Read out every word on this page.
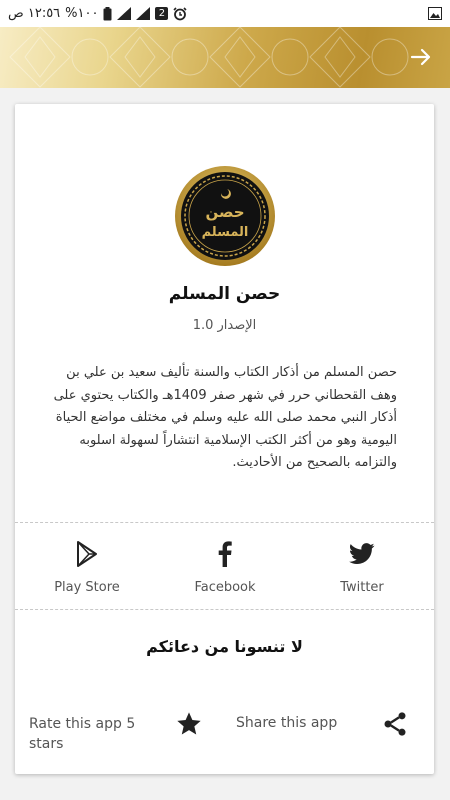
١٢:٥٦ ص %١٠٠	2
حصن
المسلم
حصن المسلم
الإصدار 1.0
حصن المسلم من أذكار الكتاب والسنة تأليف سعيد بن علي بن وهف القحطاني حرر في شهر صفر 1409هـ والكتاب يحتوي على أذكار النبي محمد صلى الله عليه وسلم في مختلف مواضع الحياة اليومية وهو من أكثر الكتب الإسلامية انتشاراً لسهولة اسلوبه والتزامه بالصحيح من الأحاديث.
Play Store	Facebook	Twitter
لا تنسونا من دعائكم
Rate this app 5 stars
Share this app
